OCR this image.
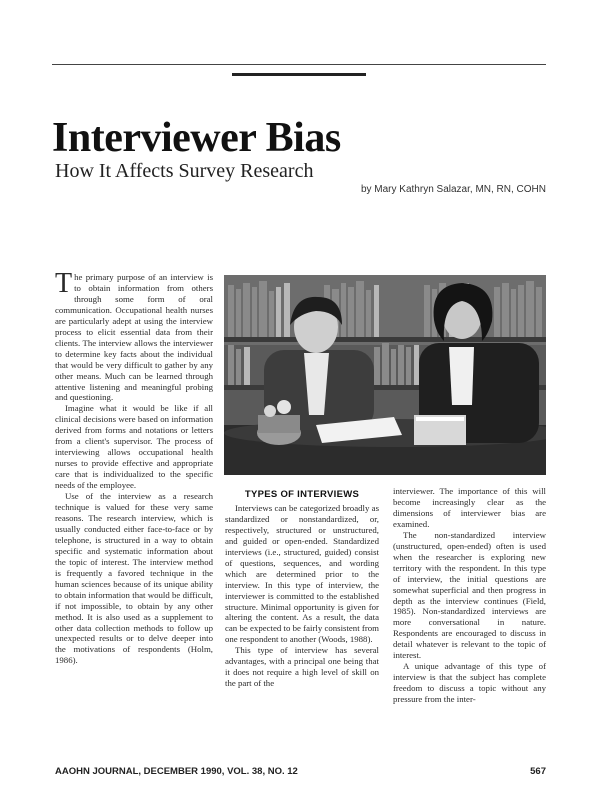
Interviewer Bias
How It Affects Survey Research
by Mary Kathryn Salazar, MN, RN, COHN

The primary purpose of an interview is to obtain information from others through some form of oral communication. Occupational health nurses are particularly adept at using the interview process to elicit essential data from their clients. The interview allows the interviewer to determine key facts about the individual that would be very difficult to gather by any other means. Much can be learned through attentive listening and meaningful probing and questioning.

Imagine what it would be like if all clinical decisions were based on information derived from forms and notations or letters from a client's supervisor. The process of interviewing allows occupational health nurses to provide effective and appropriate care that is individualized to the specific needs of the employee.

Use of the interview as a research technique is valued for these very same reasons. The research interview, which is usually conducted either face-to-face or by telephone, is structured in a way to obtain specific and systematic information about the topic of interest. The interview method is frequently a favored technique in the human sciences because of its unique ability to obtain information that would be difficult, if not impossible, to obtain by any other method. It is also used as a supplement to other data collection methods to follow up unexpected results or to delve deeper into the motivations of respondents (Holm, 1986).

TYPES OF INTERVIEWS

Interviews can be categorized broadly as standardized or nonstandardized, or, respectively, structured or unstructured, and guided or open-ended. Standardized interviews (i.e., structured, guided) consist of questions, sequences, and wording which are determined prior to the interview. In this type of interview, the interviewer is committed to the established structure. Minimal opportunity is given for altering the content. As a result, the data can be expected to be fairly consistent from one respondent to another (Woods, 1988).

This type of interview has several advantages, with a principal one being that it does not require a high level of skill on the part of the

interviewer. The importance of this will become increasingly clear as the dimensions of interviewer bias are examined.

The non-standardized interview (unstructured, open-ended) often is used when the researcher is exploring new territory with the respondent. In this type of interview, the initial questions are somewhat superficial and then progress in depth as the interview continues (Field, 1985). Non-standardized interviews are more conversational in nature. Respondents are encouraged to discuss in detail whatever is relevant to the topic of interest.

A unique advantage of this type of interview is that the subject has complete freedom to discuss a topic without any pressure from the inter-

AAOHN JOURNAL, DECEMBER 1990, VOL. 38, NO. 12	567
